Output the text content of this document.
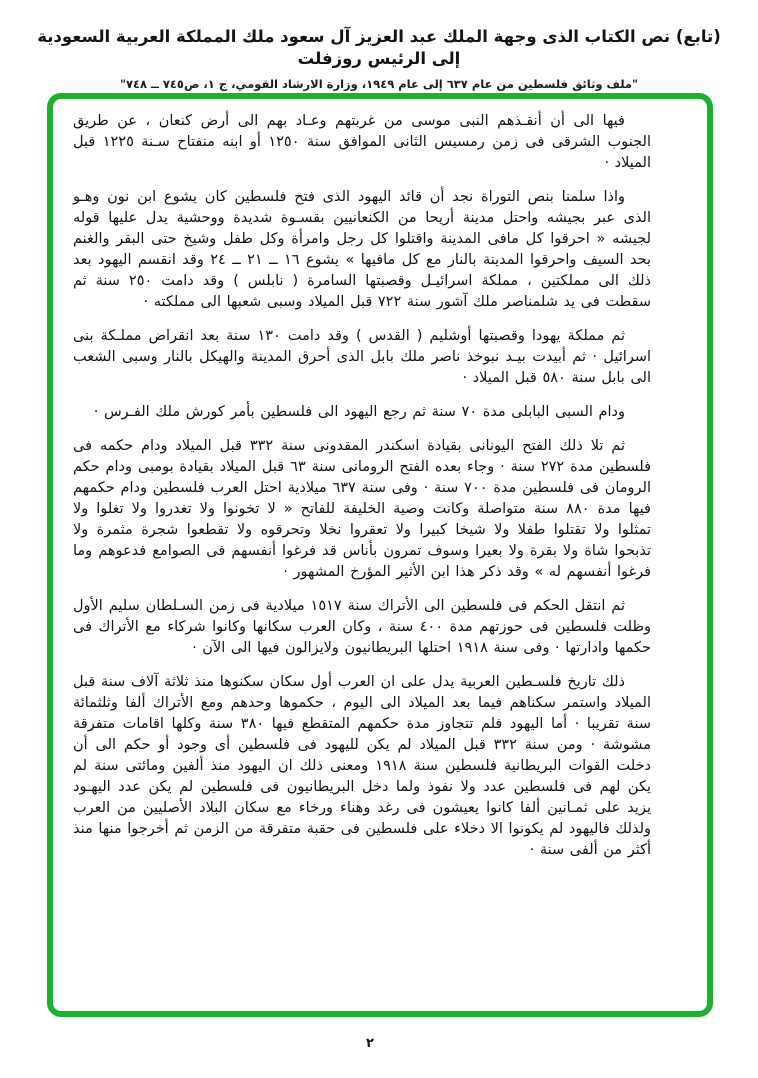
(تابع) نص الكتاب الذى وجهة الملك عبد العزيز آل سعود ملك المملكة العربية السعودية إلى الرئيس روزفلت
"ملف وثائق فلسطين من عام ٦٣٧ إلى عام ١٩٤٩، وزارة الارشاد القومي، ج ١، ص٧٤٥ ــ ٧٤٨"

فيها الى أن أنقـذهم النبى موسى من غربتهم وعـاد بهم الى أرض كنعان ، عن طريق الجنوب الشرقى فى زمن رمسيس الثانى الموافق سنة ١٢٥٠ أو ابنه منفتاح سـنة ١٢٢٥ قبل الميلاد ·

واذا سلمنا بنص التوراة نجد أن قائد اليهود الذى فتح فلسطين كان يشوع ابن نون وهـو الذى عبر بجيشه واحتل مدينة أريحا من الكنعانيين بقسـوة شديدة ووحشية يدل عليها قوله لجيشه « احرقوا كل مافى المدينة واقتلوا كل رجل وامرأة وكل طفل وشيخ حتى البقر والغنم بحد السيف واحرقوا المدينة بالنار مع كل مافيها » يشوع ١٦ ــ ٢١ ــ ٢٤ وقد انقسم اليهود بعد ذلك الى مملكتين ، مملكة اسرائيـل وقصبتها السامرة ( نابلس ) وقد دامت ٢٥٠ سنة ثم سقطت فى يد شلمناصر ملك آشور سنة ٧٢٢ قبل الميلاد وسبى شعبها الى مملكته ·

ثم مملكة يهودا وقصبتها أوشليم ( القدس ) وقد دامت ١٣٠ سنة بعد انقراض مملـكة بنى اسرائيل · ثم أبيدت بيـد نبوخذ ناصر ملك بابل الذى أحرق المدينة والهيكل بالنار وسبى الشعب الى بابل سنة ٥٨٠ قبل الميلاد ·

ودام السبى البابلى مدة ٧٠ سنة ثم رجع اليهود الى فلسطين بأمر كورش ملك الفـرس ·

ثم تلا ذلك الفتح اليونانى بقيادة اسكندر المقدونى سنة ٣٣٢ قبل الميلاد ودام حكمه فى فلسطين مدة ٢٧٢ سنة · وجاء بعده الفتح الرومانى سنة ٦٣ قبل الميلاد بقيادة بومبى ودام حكم الرومان فى فلسطين مدة ٧٠٠ سنة · وفى سنة ٦٣٧ ميلادية احتل العرب فلسطين ودام حكمهم فيها مدة ٨٨٠ سنة متواصلة وكانت وصية الخليفة للفاتح « لا تخونوا ولا تغدروا ولا تغلوا ولا تمثلوا ولا تقتلوا طفلا ولا شيخا كبيرا ولا تعقروا نخلا وتحرقوه ولا تقطعوا شجرة مثمرة ولا تذبحوا شاة ولا بقرة ولا بعيرا وسوف تمرون بأناس قد فرغوا أنفسهم فى الصوامع فدعوهم وما فرغوا أنفسهم له » وقد ذكر هذا ابن الأثير المؤرخ المشهور ·

ثم انتقل الحكم فى فلسطين الى الأتراك سنة ١٥١٧ ميلادية فى زمن السـلطان سليم الأول وظلت فلسطين فى حوزتهم مدة ٤٠٠ سنة ، وكان العرب سكانها وكانوا شركاء مع الأتراك فى حكمها وادارتها · وفى سنة ١٩١٨ احتلها البريطانيون ولايزالون فيها الى الآن ·

ذلك تاريخ فلسـطين العربية يدل على ان العرب أول سكان سكنوها منذ ثلاثة آلاف سنة قبل الميلاد واستمر سكناهم فيما بعد الميلاد الى اليوم ، حكموها وحدهم ومع الأتراك ألفا وثلثمائة سنة تقريبا · أما اليهود فلم تتجاوز مدة حكمهم المتقطع فيها ٣٨٠ سنة وكلها اقامات متفرقة مشوشة · ومن سنة ٣٣٢ قبل الميلاد لم يكن لليهود فى فلسطين أى وجود أو حكم الى أن دخلت القوات البريطانية فلسطين سنة ١٩١٨ ومعنى ذلك ان اليهود منذ ألفين ومائتى سنة لم يكن لهم فى فلسطين عدد ولا نفوذ ولما دخل البريطانيون فى فلسطين لم يكن عدد اليهـود يزيد على ثمـانين ألفا كانوا يعيشون فى رغد وهناء ورخاء مع سكان البلاد الأصليين من العرب ولذلك فاليهود لم يكونوا الا دخلاء على فلسطين فى حقبة متفرقة من الزمن ثم أخرجوا منها منذ أكثر من ألفى سنة ·

٢
